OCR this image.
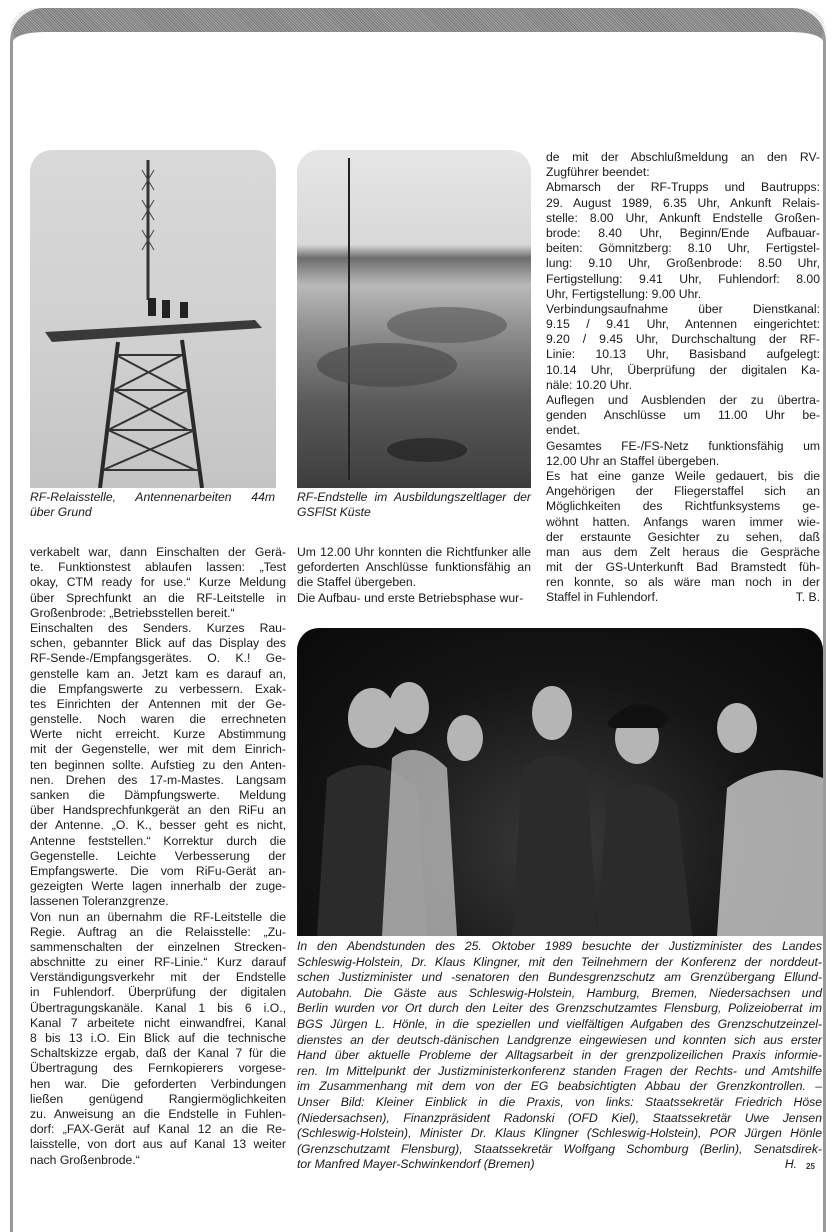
RF-Relaisstelle, Antennenarbeiten 44m
über Grund
RF-Endstelle im Ausbildungszeltlager der
GSFlSt Küste
de mit der Abschlußmeldung an den RV-
Zugführer beendet:
Abmarsch der RF-Trupps und Bautrupps:
29. August 1989, 6.35 Uhr, Ankunft Relais-
stelle: 8.00 Uhr, Ankunft Endstelle Großen-
brode: 8.40 Uhr, Beginn/Ende Aufbauar-
beiten: Gömnitzberg: 8.10 Uhr, Fertigstel-
lung: 9.10 Uhr, Großenbrode: 8.50 Uhr,
Fertigstellung: 9.41 Uhr, Fuhlendorf: 8.00
Uhr, Fertigstellung: 9.00 Uhr.
Verbindungsaufnahme über Dienstkanal:
9.15 / 9.41 Uhr, Antennen eingerichtet:
9.20 / 9.45 Uhr, Durchschaltung der RF-
Linie: 10.13 Uhr, Basisband aufgelegt:
10.14 Uhr, Überprüfung der digitalen Ka-
näle: 10.20 Uhr.
Auflegen und Ausblenden der zu übertra-
genden Anschlüsse um 11.00 Uhr be-
endet.
Gesamtes FE-/FS-Netz funktionsfähig um
12.00 Uhr an Staffel übergeben.
Es hat eine ganze Weile gedauert, bis die
Angehörigen der Fliegerstaffel sich an
Möglichkeiten des Richtfunksystems ge-
wöhnt hatten. Anfangs waren immer wie-
der erstaunte Gesichter zu sehen, daß
man aus dem Zelt heraus die Gespräche
mit der GS-Unterkunft Bad Bramstedt füh-
ren konnte, so als wäre man noch in der
Staffel in Fuhlendorf.	T. B.
verkabelt war, dann Einschalten der Gerä-
te. Funktionstest ablaufen lassen: „Test
okay, CTM ready for use.“ Kurze Meldung
über Sprechfunkt an die RF-Leitstelle in
Großenbrode: „Betriebsstellen bereit.“
Einschalten des Senders. Kurzes Rau-
schen, gebannter Blick auf das Display des
RF-Sende-/Empfangsgerätes. O. K.! Ge-
genstelle kam an. Jetzt kam es darauf an,
die Empfangswerte zu verbessern. Exak-
tes Einrichten der Antennen mit der Ge-
genstelle. Noch waren die errechneten
Werte nicht erreicht. Kurze Abstimmung
mit der Gegenstelle, wer mit dem Einrich-
ten beginnen sollte. Aufstieg zu den Anten-
nen. Drehen des 17-m-Mastes. Langsam
sanken die Dämpfungswerte. Meldung
über Handsprechfunkgerät an den RiFu an
der Antenne. „O. K., besser geht es nicht,
Antenne feststellen.“ Korrektur durch die
Gegenstelle. Leichte Verbesserung der
Empfangswerte. Die vom RiFu-Gerät an-
gezeigten Werte lagen innerhalb der zuge-
lassenen Toleranzgrenze.
Von nun an übernahm die RF-Leitstelle die
Regie. Auftrag an die Relaisstelle: „Zu-
sammenschalten der einzelnen Strecken-
abschnitte zu einer RF-Linie.“ Kurz darauf
Verständigungsverkehr mit der Endstelle
in Fuhlendorf. Überprüfung der digitalen
Übertragungskanäle. Kanal 1 bis 6 i.O.,
Kanal 7 arbeitete nicht einwandfrei, Kanal
8 bis 13 i.O. Ein Blick auf die technische
Schaltskizze ergab, daß der Kanal 7 für die
Übertragung des Fernkopierers vorgese-
hen war. Die geforderten Verbindungen
ließen genügend Rangiermöglichkeiten
zu. Anweisung an die Endstelle in Fuhlen-
dorf: „FAX-Gerät auf Kanal 12 an die Re-
laisstelle, von dort aus auf Kanal 13 weiter
nach Großenbrode.“
Um 12.00 Uhr konnten die Richtfunker alle
geforderten Anschlüsse funktionsfähig an
die Staffel übergeben.
Die Aufbau- und erste Betriebsphase wur-
In den Abendstunden des 25. Oktober 1989 besuchte der Justizminister des Landes
Schleswig-Holstein, Dr. Klaus Klingner, mit den Teilnehmern der Konferenz der norddeut-
schen Justizminister und -senatoren den Bundesgrenzschutz am Grenzübergang Ellund-
Autobahn. Die Gäste aus Schleswig-Holstein, Hamburg, Bremen, Niedersachsen und
Berlin wurden vor Ort durch den Leiter des Grenzschutzamtes Flensburg, Polizeioberrat im
BGS Jürgen L. Hönle, in die speziellen und vielfältigen Aufgaben des Grenzschutzeinzel-
dienstes an der deutsch-dänischen Landgrenze eingewiesen und konnten sich aus erster
Hand über aktuelle Probleme der Alltagsarbeit in der grenzpolizeilichen Praxis informie-
ren. Im Mittelpunkt der Justizministerkonferenz standen Fragen der Rechts- und Amtshilfe
im Zusammenhang mit dem von der EG beabsichtigten Abbau der Grenzkontrollen. –
Unser Bild: Kleiner Einblick in die Praxis, von links: Staatssekretär Friedrich Höse
(Niedersachsen), Finanzpräsident Radonski (OFD Kiel), Staatssekretär Uwe Jensen
(Schleswig-Holstein), Minister Dr. Klaus Klingner (Schleswig-Holstein), POR Jürgen Hönle
(Grenzschutzamt Flensburg), Staatssekretär Wolfgang Schomburg (Berlin), Senatsdirek-
tor Manfred Mayer-Schwinkendorf (Bremen)	H. 25
